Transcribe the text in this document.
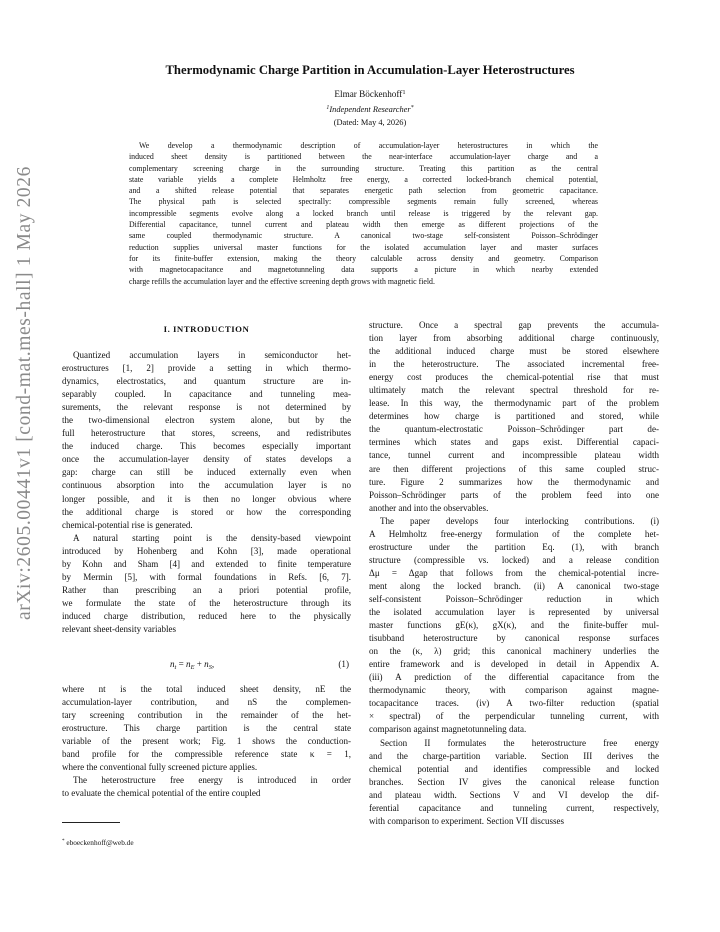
arXiv:2605.00441v1 [cond-mat.mes-hall] 1 May 2026
Thermodynamic Charge Partition in Accumulation-Layer Heterostructures
Elmar Böckenhoff$^1$
$^1$Independent Researcher*
(Dated: May 4, 2026)
We develop a thermodynamic description of accumulation-layer heterostructures in which the
induced sheet density is partitioned between the near-interface accumulation-layer charge and a
complementary screening charge in the surrounding structure. Treating this partition as the central
state variable yields a complete Helmholtz free energy, a corrected locked-branch chemical potential,
and a shifted release potential that separates energetic path selection from geometric capacitance.
The physical path is selected spectrally: compressible segments remain fully screened, whereas
incompressible segments evolve along a locked branch until release is triggered by the relevant gap.
Differential capacitance, tunnel current and plateau width then emerge as different projections of the
same coupled thermodynamic structure. A canonical two-stage self-consistent Poisson–Schrödinger
reduction supplies universal master functions for the isolated accumulation layer and master surfaces
for its finite-buffer extension, making the theory calculable across density and geometry. Comparison
with magnetocapacitance and magnetotunneling data supports a picture in which nearby extended
charge refills the accumulation layer and the effective screening depth grows with magnetic field.
I. INTRODUCTION
Quantized accumulation layers in semiconductor het-
erostructures [1, 2] provide a setting in which thermo-
dynamics, electrostatics, and quantum structure are in-
separably coupled. In capacitance and tunneling mea-
surements, the relevant response is not determined by
the two-dimensional electron system alone, but by the
full heterostructure that stores, screens, and redistributes
the induced charge. This becomes especially important
once the accumulation-layer density of states develops a
gap: charge can still be induced externally even when
continuous absorption into the accumulation layer is no
longer possible, and it is then no longer obvious where
the additional charge is stored or how the corresponding
chemical-potential rise is generated.
A natural starting point is the density-based viewpoint
introduced by Hohenberg and Kohn [3], made operational
by Kohn and Sham [4] and extended to finite temperature
by Mermin [5], with formal foundations in Refs. [6, 7].
Rather than prescribing an a priori potential profile,
we formulate the state of the heterostructure through its
induced charge distribution, reduced here to the physically
relevant sheet-density variables
$n_t = n_E + n_S$,	(1)
where nt is the total induced sheet density, nE the
accumulation-layer contribution, and nS the complemen-
tary screening contribution in the remainder of the het-
erostructure. This charge partition is the central state
variable of the present work; Fig. 1 shows the conduction-
band profile for the compressible reference state κ = 1,
where the conventional fully screened picture applies.
The heterostructure free energy is introduced in order
to evaluate the chemical potential of the entire coupled
structure. Once a spectral gap prevents the accumula-
tion layer from absorbing additional charge continuously,
the additional induced charge must be stored elsewhere
in the heterostructure. The associated incremental free-
energy cost produces the chemical-potential rise that must
ultimately match the relevant spectral threshold for re-
lease. In this way, the thermodynamic part of the problem
determines how charge is partitioned and stored, while
the quantum-electrostatic Poisson–Schrödinger part de-
termines which states and gaps exist. Differential capaci-
tance, tunnel current and incompressible plateau width
are then different projections of this same coupled struc-
ture. Figure 2 summarizes how the thermodynamic and
Poisson–Schrödinger parts of the problem feed into one
another and into the observables.
The paper develops four interlocking contributions. (i)
A Helmholtz free-energy formulation of the complete het-
erostructure under the partition Eq. (1), with branch
structure (compressible vs. locked) and a release condition
Δμ = Δgap that follows from the chemical-potential incre-
ment along the locked branch. (ii) A canonical two-stage
self-consistent Poisson–Schrödinger reduction in which
the isolated accumulation layer is represented by universal
master functions gE(κ), gX(κ), and the finite-buffer mul-
tisubband heterostructure by canonical response surfaces
on the (κ, λ) grid; this canonical machinery underlies the
entire framework and is developed in detail in Appendix A.
(iii) A prediction of the differential capacitance from the
thermodynamic theory, with comparison against magne-
tocapacitance traces. (iv) A two-filter reduction (spatial
× spectral) of the perpendicular tunneling current, with
comparison against magnetotunneling data.
Section II formulates the heterostructure free energy
and the charge-partition variable. Section III derives the
chemical potential and identifies compressible and locked
branches. Section IV gives the canonical release function
and plateau width. Sections V and VI develop the dif-
ferential capacitance and tunneling current, respectively,
with comparison to experiment. Section VII discusses
* eboeckenhoff@web.de
